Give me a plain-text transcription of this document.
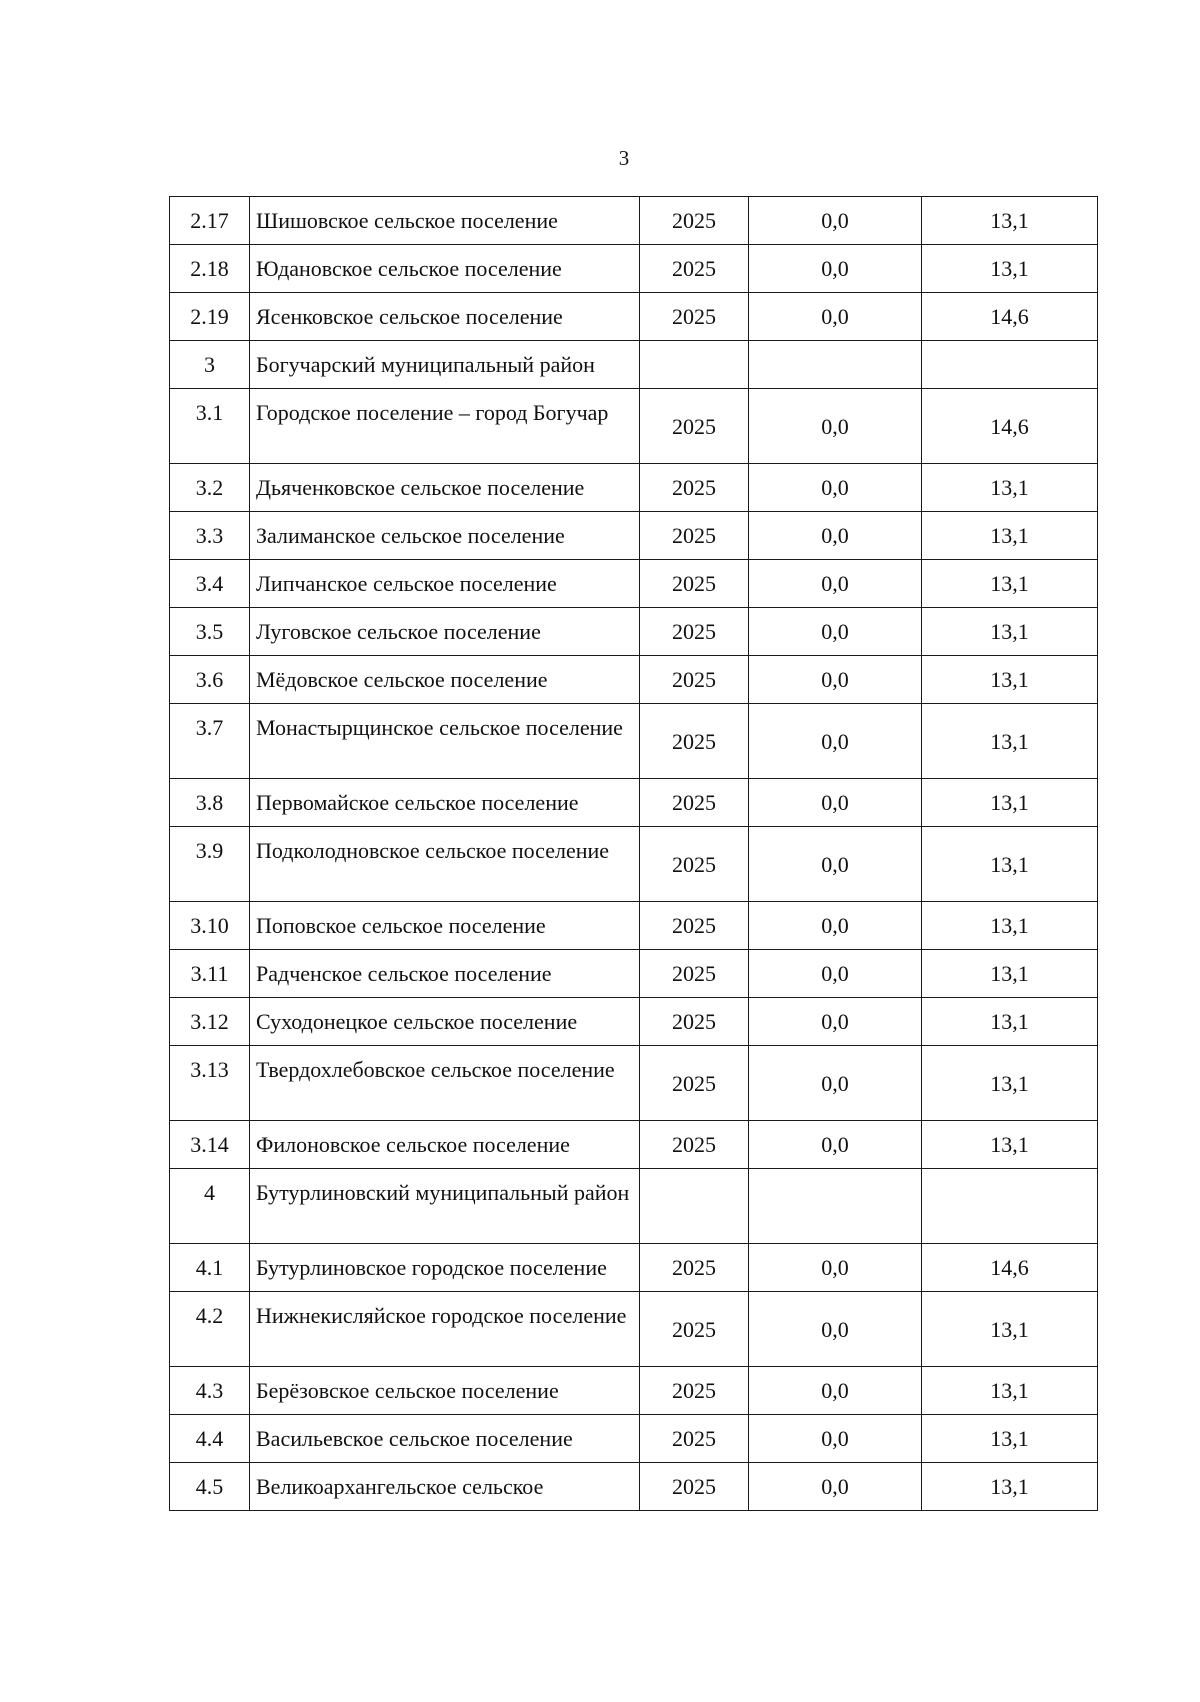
3
2.17	Шишовское сельское поселение	2025	0,0	13,1
2.18	Юдановское сельское поселение	2025	0,0	13,1
2.19	Ясенковское сельское поселение	2025	0,0	14,6
3	Богучарский муниципальный район			
3.1	Городское поселение – город Богучар	2025	0,0	14,6
3.2	Дьяченковское сельское поселение	2025	0,0	13,1
3.3	Залиманское сельское поселение	2025	0,0	13,1
3.4	Липчанское сельское поселение	2025	0,0	13,1
3.5	Луговское сельское поселение	2025	0,0	13,1
3.6	Мёдовское сельское поселение	2025	0,0	13,1
3.7	Монастырщинское сельское поселение	2025	0,0	13,1
3.8	Первомайское сельское поселение	2025	0,0	13,1
3.9	Подколодновское сельское поселение	2025	0,0	13,1
3.10	Поповское сельское поселение	2025	0,0	13,1
3.11	Радченское сельское поселение	2025	0,0	13,1
3.12	Суходонецкое сельское поселение	2025	0,0	13,1
3.13	Твердохлебовское сельское поселение	2025	0,0	13,1
3.14	Филоновское сельское поселение	2025	0,0	13,1
4	Бутурлиновский муниципальный район			
4.1	Бутурлиновское городское поселение	2025	0,0	14,6
4.2	Нижнекисляйское городское поселение	2025	0,0	13,1
4.3	Берёзовское сельское поселение	2025	0,0	13,1
4.4	Васильевское сельское поселение	2025	0,0	13,1
4.5	Великоархангельское сельское	2025	0,0	13,1
